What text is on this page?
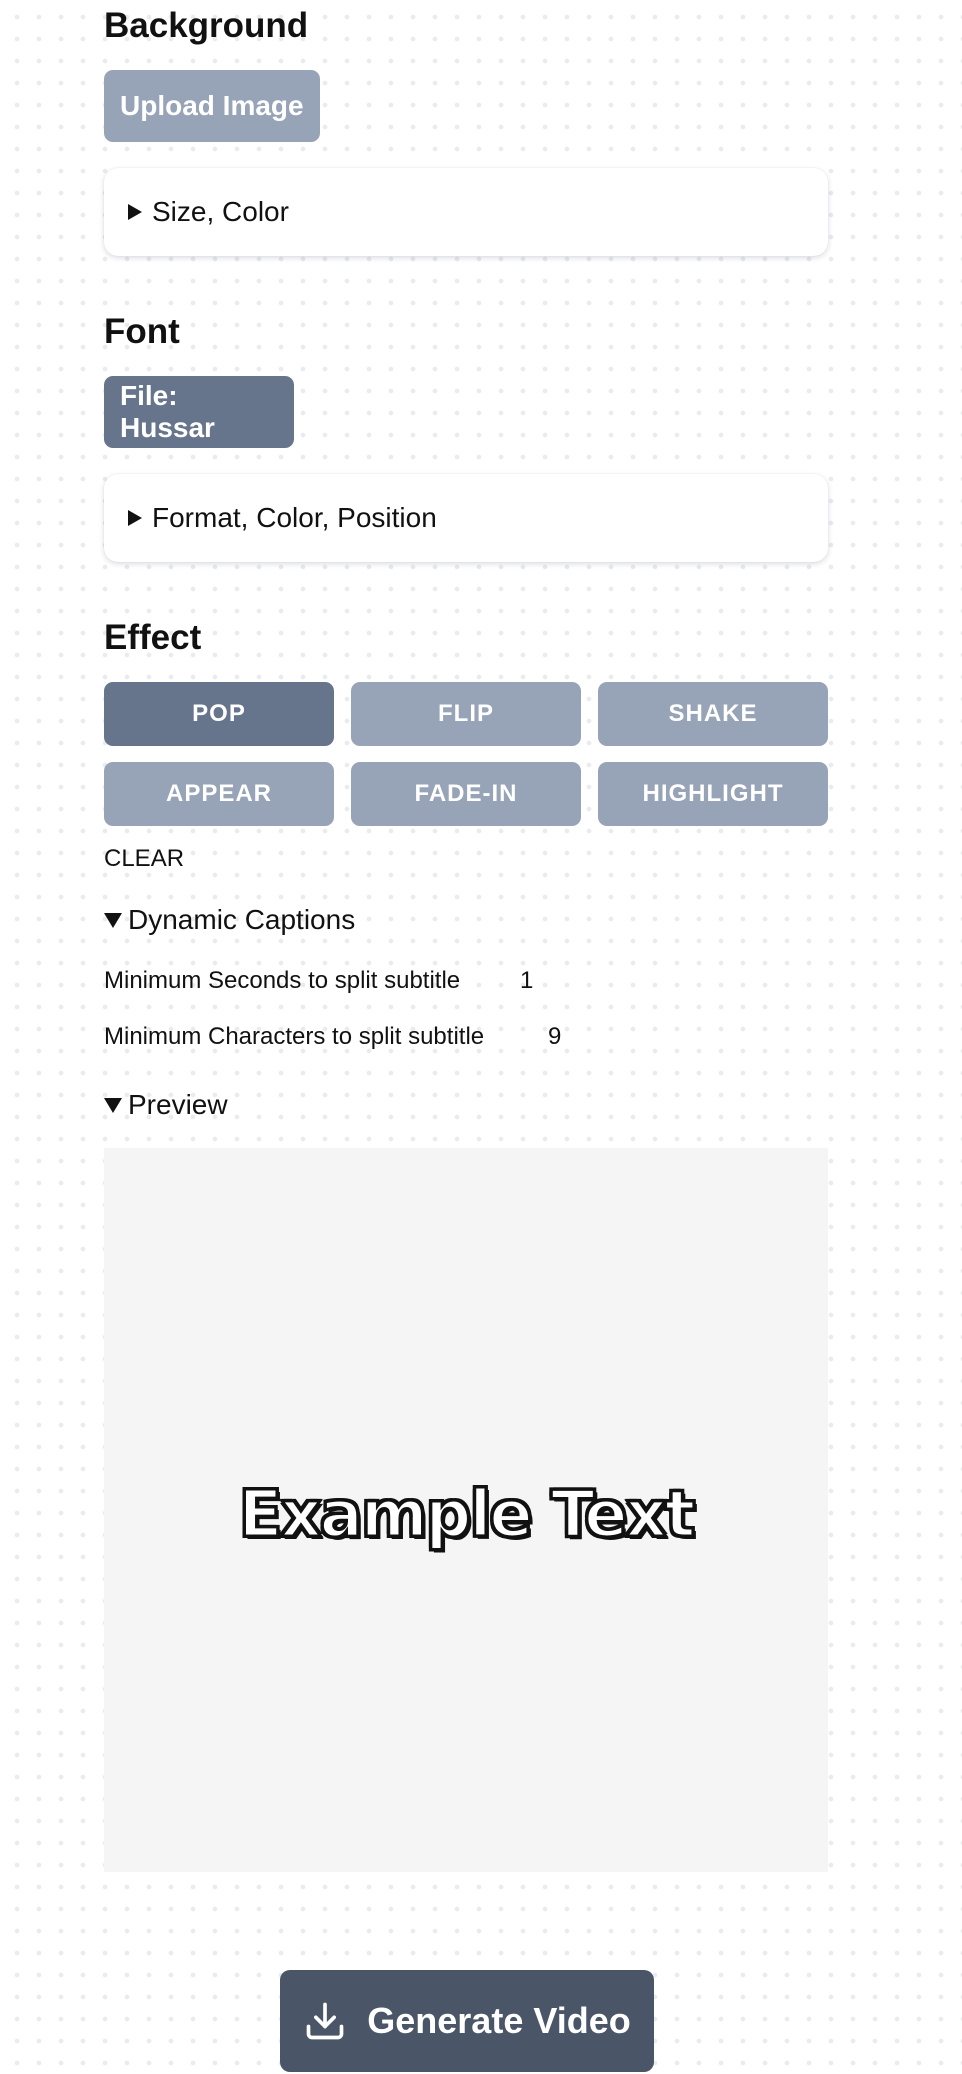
Background
Upload Image
Size, Color
Font
File: Hussar
Format, Color, Position
Effect
POP	FLIP	SHAKE
APPEAR	FADE-IN	HIGHLIGHT
CLEAR
Dynamic Captions
Minimum Seconds to split subtitle 1
Minimum Characters to split subtitle	9
Preview
Example Text
Generate Video
